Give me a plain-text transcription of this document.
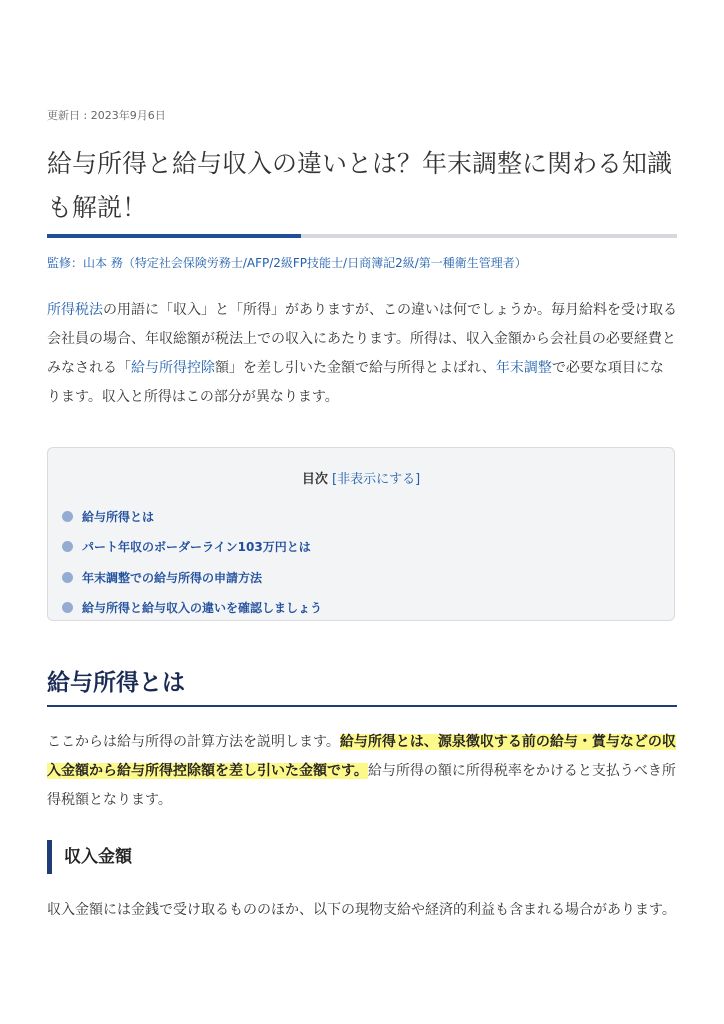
更新日 : 2023年9月6日
給与所得と給与収入の違いとは？年末調整に関わる知識も解説！
監修：山本 務（特定社会保険労務士/AFP/2級FP技能士/日商簿記2級/第一種衛生管理者）

所得税法の用語に「収入」と「所得」がありますが、この違いは何でしょうか。毎月給料を受け取る会社員の場合、年収総額が税法上での収入にあたります。所得は、収入金額から会社員の必要経費とみなされる「給与所得控除額」を差し引いた金額で給与所得とよばれ、年末調整で必要な項目になります。収入と所得はこの部分が異なります。

目次 [非表示にする]
給与所得とは
パート年収のボーダーライン103万円とは
年末調整での給与所得の申請方法
給与所得と給与収入の違いを確認しましょう
給与所得とは

ここからは給与所得の計算方法を説明します。給与所得とは、源泉徴収する前の給与・賞与などの収入金額から給与所得控除額を差し引いた金額です。給与所得の額に所得税率をかけると支払うべき所得税額となります。

収入金額

収入金額には金銭で受け取るもののほか、以下の現物支給や経済的利益も含まれる場合があります。
